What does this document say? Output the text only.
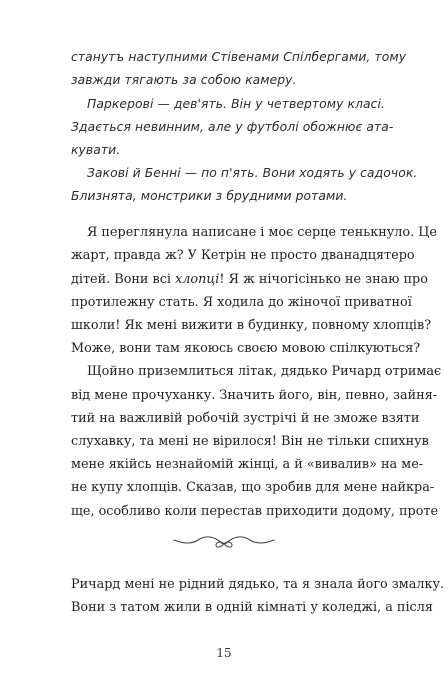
станутъ наступними Стівенами Спілбергами, тому
завжди тягають за собою камеру.
Паркерові — дев'ять. Він у четвертому класі.
Здається невинним, але у футболі обожнює ата-
кувати.
Закові й Бенні — по п'ять. Вони ходять у садочок.
Близнята, монстрики з брудними ротами.
Я переглянула написане і моє серце тенькнуло. Це
жарт, правда ж? У Кетрін не просто дванадцятеро
дітей. Вони всі хлопці! Я ж нічогісінько не знаю про
протилежну стать. Я ходила до жіночої приватної
школи! Як мені вижити в будинку, повному хлопців?
Може, вони там якоюсь своєю мовою спілкуються?
Щойно приземлиться літак, дядько Ричард отримає
від мене прочуханку. Значить його, він, певно, зайня-
тий на важливій робочій зустрічі й не зможе взяти
слухавку, та мені не вірилося! Він не тільки спихнув
мене якійсь незнайомій жінці, а й «вивалив» на ме-
не купу хлопців. Сказав, що зробив для мене найкра-
ще, особливо коли перестав приходити додому, проте
Ричард мені не рідний дядько, та я знала його змалку.
Вони з татом жили в одній кімнаті у коледжі, а після
15
